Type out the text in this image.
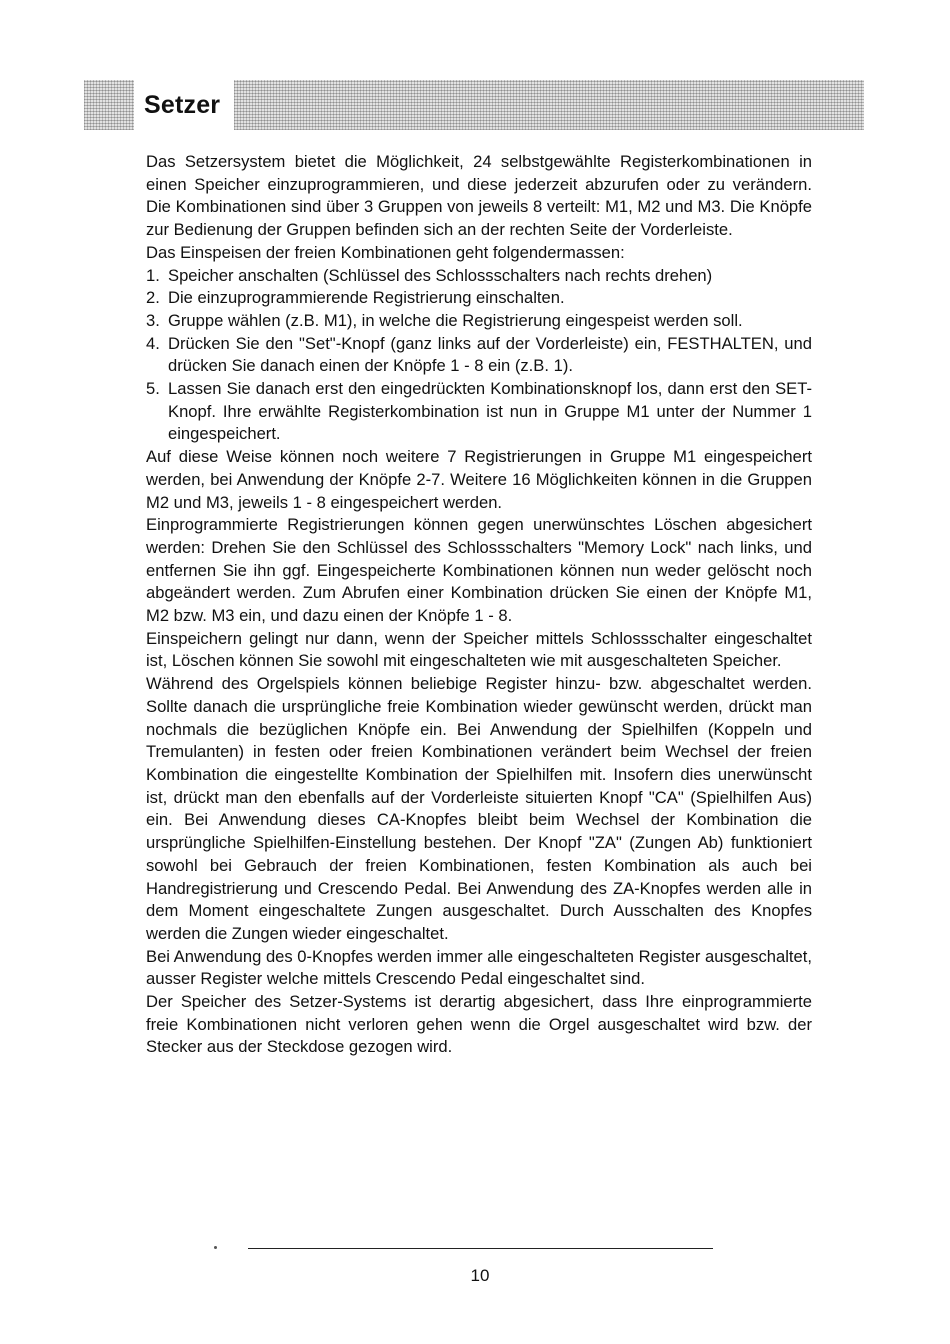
Setzer

Das Setzersystem bietet die Möglichkeit, 24 selbstgewählte Registerkombinationen in einen Speicher einzuprogrammieren, und diese jederzeit abzurufen oder zu verändern. Die Kombinationen sind über 3 Gruppen von jeweils 8 verteilt: M1, M2 und M3. Die Knöpfe zur Bedienung der Gruppen befinden sich an der rechten Seite der Vorderleiste.

Das Einspeisen der freien Kombinationen geht folgendermassen:

1. Speicher anschalten (Schlüssel des Schlossschalters nach rechts drehen)
2. Die einzuprogrammierende Registrierung einschalten.
3. Gruppe wählen (z.B. M1), in welche die Registrierung eingespeist werden soll.
4. Drücken Sie den "Set"-Knopf (ganz links auf der Vorderleiste) ein, FESTHALTEN, und drücken Sie danach einen der Knöpfe 1 - 8 ein (z.B. 1).
5. Lassen Sie danach erst den eingedrückten Kombinationsknopf los, dann erst den SET-Knopf. Ihre erwählte Registerkombination ist nun in Gruppe M1 unter der Nummer 1 eingespeichert.

Auf diese Weise können noch weitere 7 Registrierungen in Gruppe M1 eingespeichert werden, bei Anwendung der Knöpfe 2-7. Weitere 16 Möglichkeiten können in die Gruppen M2 und M3, jeweils 1 - 8 eingespeichert werden.

Einprogrammierte Registrierungen können gegen unerwünschtes Löschen abgesichert werden: Drehen Sie den Schlüssel des Schlossschalters "Memory Lock" nach links, und entfernen Sie ihn ggf. Eingespeicherte Kombinationen können nun weder gelöscht noch abgeändert werden. Zum Abrufen einer Kombination drücken Sie einen der Knöpfe M1, M2 bzw. M3 ein, und dazu einen der Knöpfe 1 - 8.

Einspeichern gelingt nur dann, wenn der Speicher mittels Schlossschalter eingeschaltet ist, Löschen können Sie sowohl mit eingeschalteten wie mit ausgeschalteten Speicher.

Während des Orgelspiels können beliebige Register hinzu- bzw. abgeschaltet werden. Sollte danach die ursprüngliche freie Kombination wieder gewünscht werden, drückt man nochmals die bezüglichen Knöpfe ein. Bei Anwendung der Spielhilfen (Koppeln und Tremulanten) in festen oder freien Kombinationen verändert beim Wechsel der freien Kombination die eingestellte Kombination der Spielhilfen mit. Insofern dies unerwünscht ist, drückt man den ebenfalls auf der Vorderleiste situierten Knopf "CA" (Spielhilfen Aus) ein. Bei Anwendung dieses CA-Knopfes bleibt beim Wechsel der Kombination die ursprüngliche Spielhilfen-Einstellung bestehen. Der Knopf "ZA" (Zungen Ab) funktioniert sowohl bei Gebrauch der freien Kombinationen, festen Kombination als auch bei Handregistrierung und Crescendo Pedal. Bei Anwendung des ZA-Knopfes werden alle in dem Moment eingeschaltete Zungen ausgeschaltet. Durch Ausschalten des Knopfes werden die Zungen wieder eingeschaltet.

Bei Anwendung des 0-Knopfes werden immer alle eingeschalteten Register ausgeschaltet, ausser Register welche mittels Crescendo Pedal eingeschaltet sind.

Der Speicher des Setzer-Systems ist derartig abgesichert, dass Ihre einprogrammierte freie Kombinationen nicht verloren gehen wenn die Orgel ausgeschaltet wird bzw. der Stecker aus der Steckdose gezogen wird.

10
